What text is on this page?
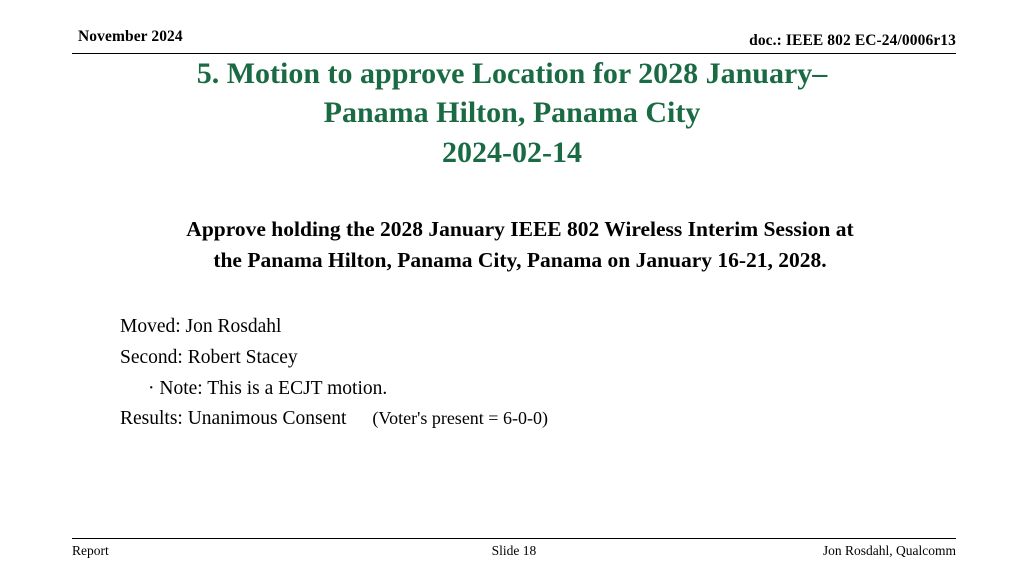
November 2024	doc.: IEEE 802 EC-24/0006r13
5. Motion to approve Location for 2028 January–
Panama Hilton, Panama City
2024-02-14
Approve holding the 2028 January IEEE 802 Wireless Interim Session at
the Panama Hilton, Panama City, Panama on January 16-21, 2028.
Moved: Jon Rosdahl
Second: Robert Stacey
· Note: This is a ECJT motion.
Results: Unanimous Consent (Voter's present = 6-0-0)
Report	Slide 18	Jon Rosdahl, Qualcomm
